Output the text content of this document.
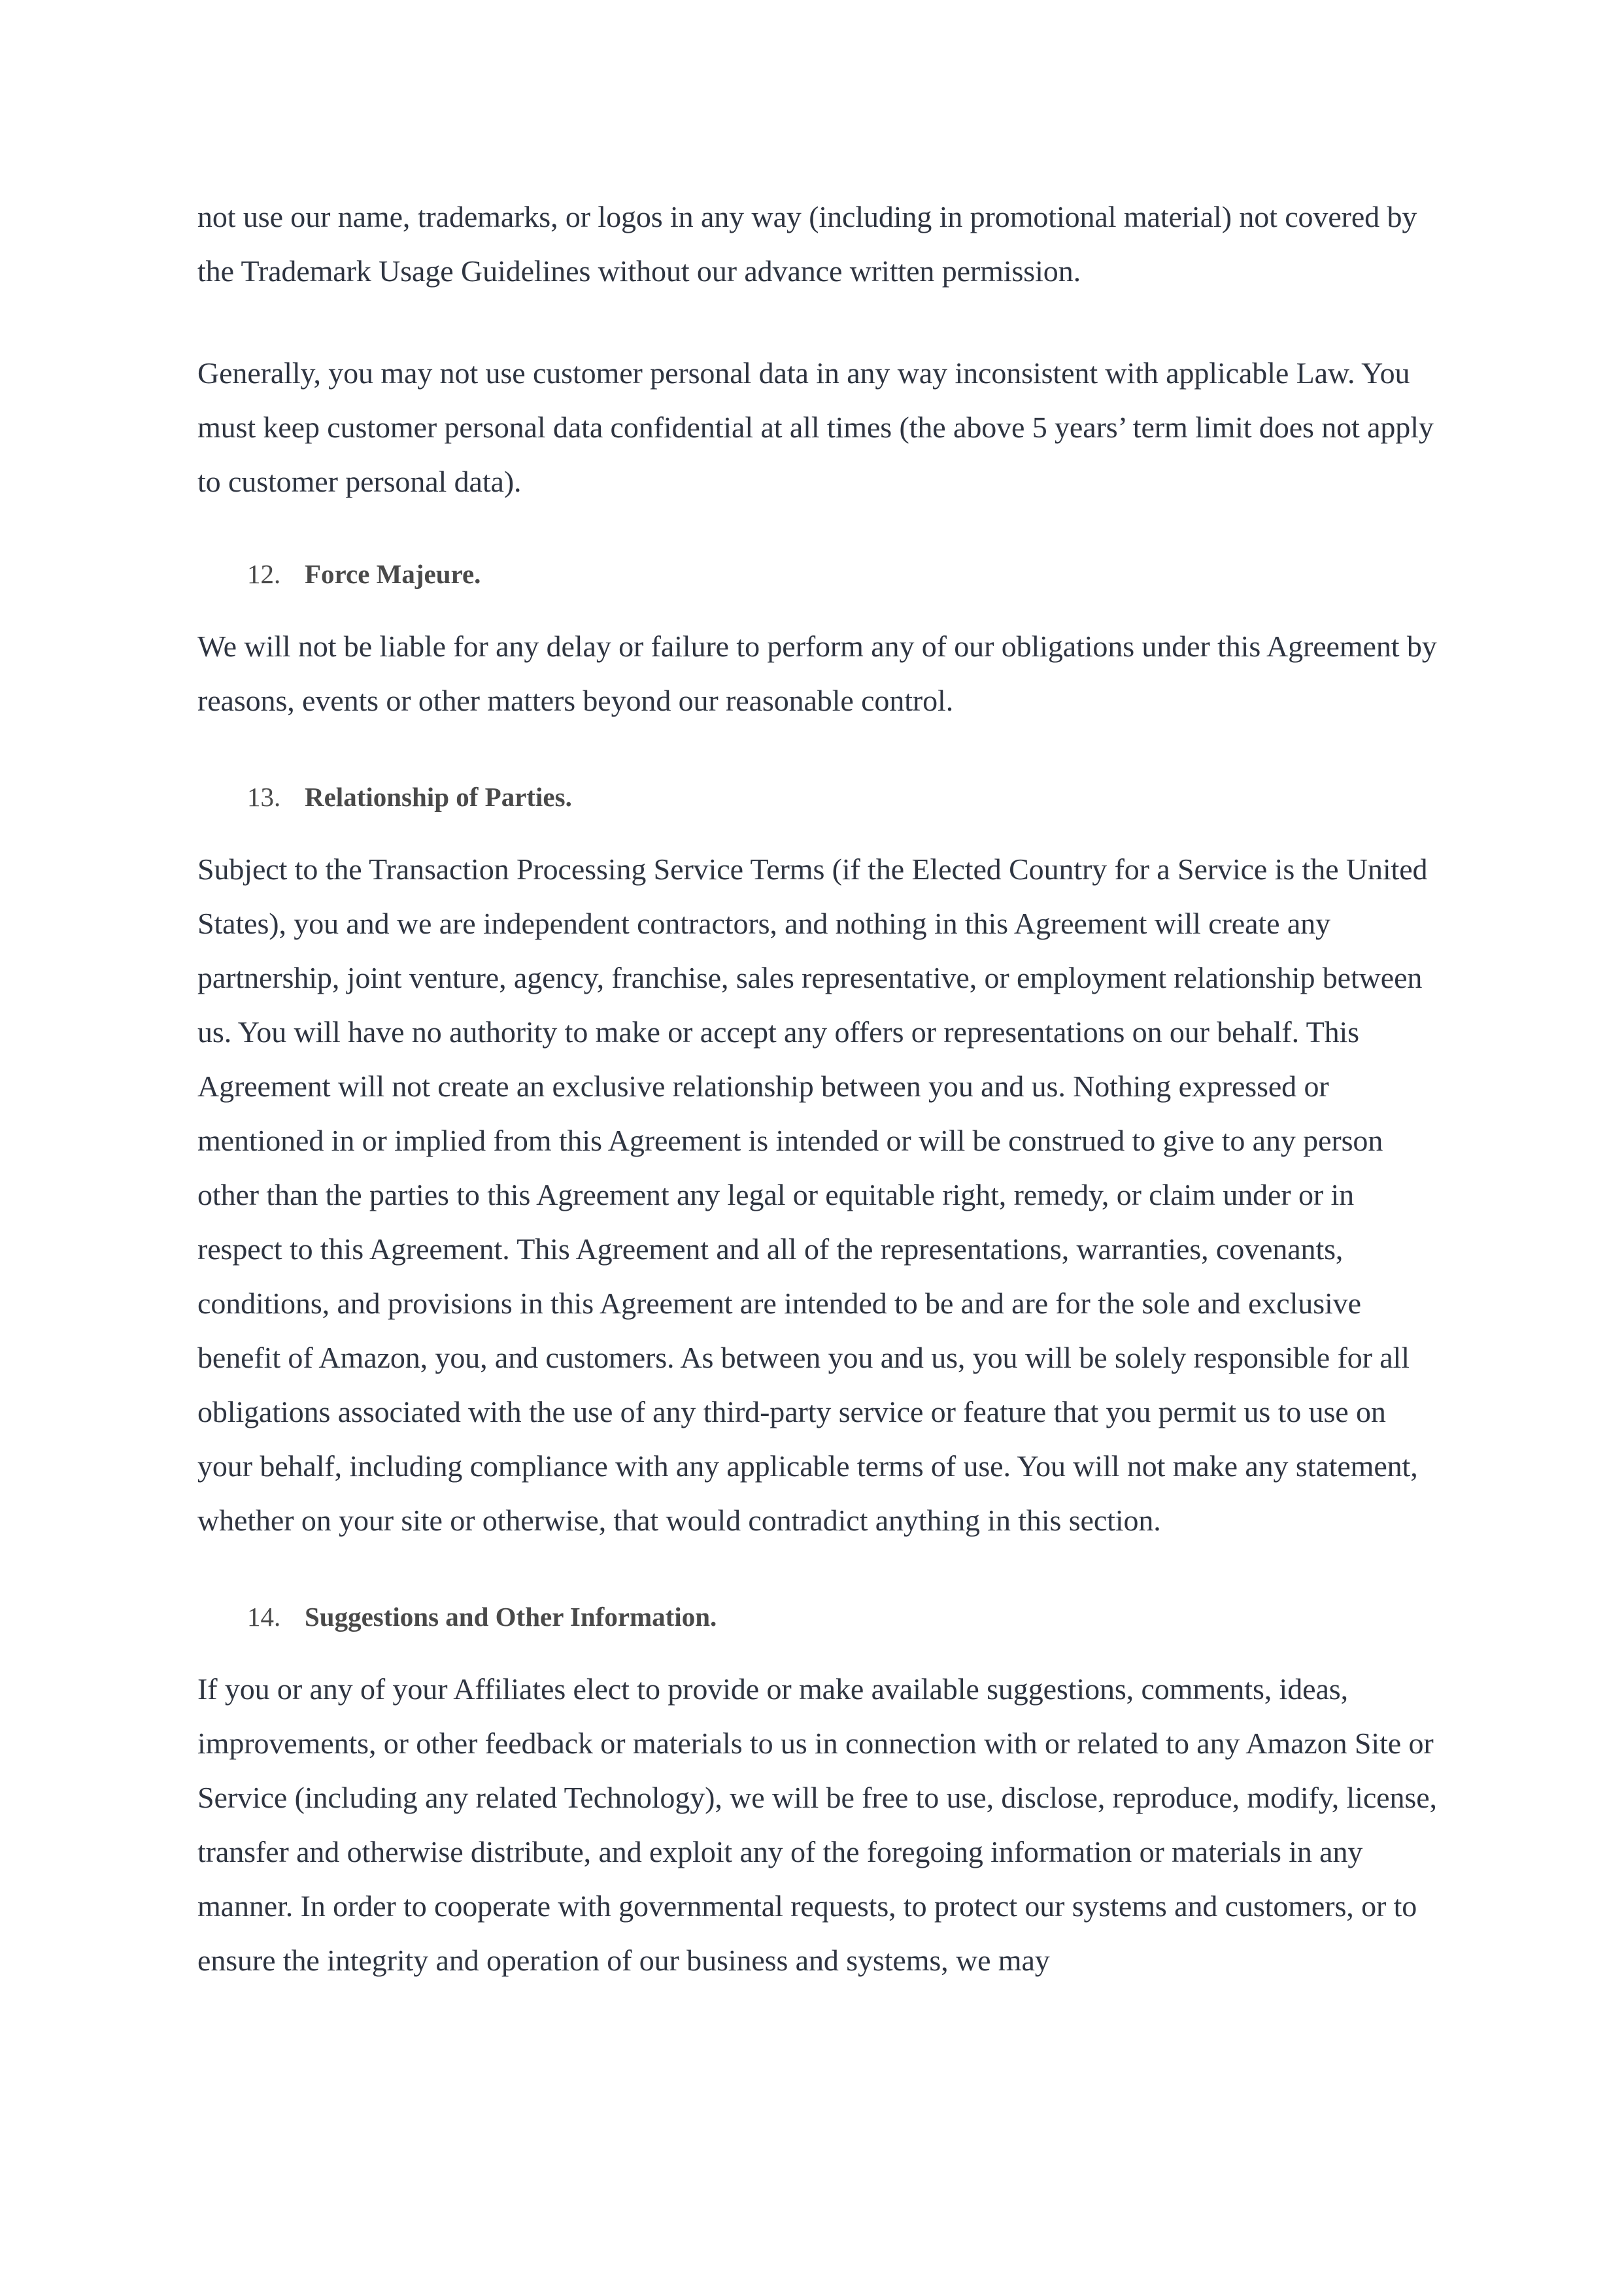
not use our name, trademarks, or logos in any way (including in promotional material) not covered by the Trademark Usage Guidelines without our advance written permission.

Generally, you may not use customer personal data in any way inconsistent with applicable Law. You must keep customer personal data confidential at all times (the above 5 years’ term limit does not apply to customer personal data).

12. Force Majeure.

We will not be liable for any delay or failure to perform any of our obligations under this Agreement by reasons, events or other matters beyond our reasonable control.

13. Relationship of Parties.

Subject to the Transaction Processing Service Terms (if the Elected Country for a Service is the United States), you and we are independent contractors, and nothing in this Agreement will create any partnership, joint venture, agency, franchise, sales representative, or employment relationship between us. You will have no authority to make or accept any offers or representations on our behalf. This Agreement will not create an exclusive relationship between you and us. Nothing expressed or mentioned in or implied from this Agreement is intended or will be construed to give to any person other than the parties to this Agreement any legal or equitable right, remedy, or claim under or in respect to this Agreement. This Agreement and all of the representations, warranties, covenants, conditions, and provisions in this Agreement are intended to be and are for the sole and exclusive benefit of Amazon, you, and customers. As between you and us, you will be solely responsible for all obligations associated with the use of any third-party service or feature that you permit us to use on your behalf, including compliance with any applicable terms of use. You will not make any statement, whether on your site or otherwise, that would contradict anything in this section.

14. Suggestions and Other Information.

If you or any of your Affiliates elect to provide or make available suggestions, comments, ideas, improvements, or other feedback or materials to us in connection with or related to any Amazon Site or Service (including any related Technology), we will be free to use, disclose, reproduce, modify, license, transfer and otherwise distribute, and exploit any of the foregoing information or materials in any manner. In order to cooperate with governmental requests, to protect our systems and customers, or to ensure the integrity and operation of our business and systems, we may
